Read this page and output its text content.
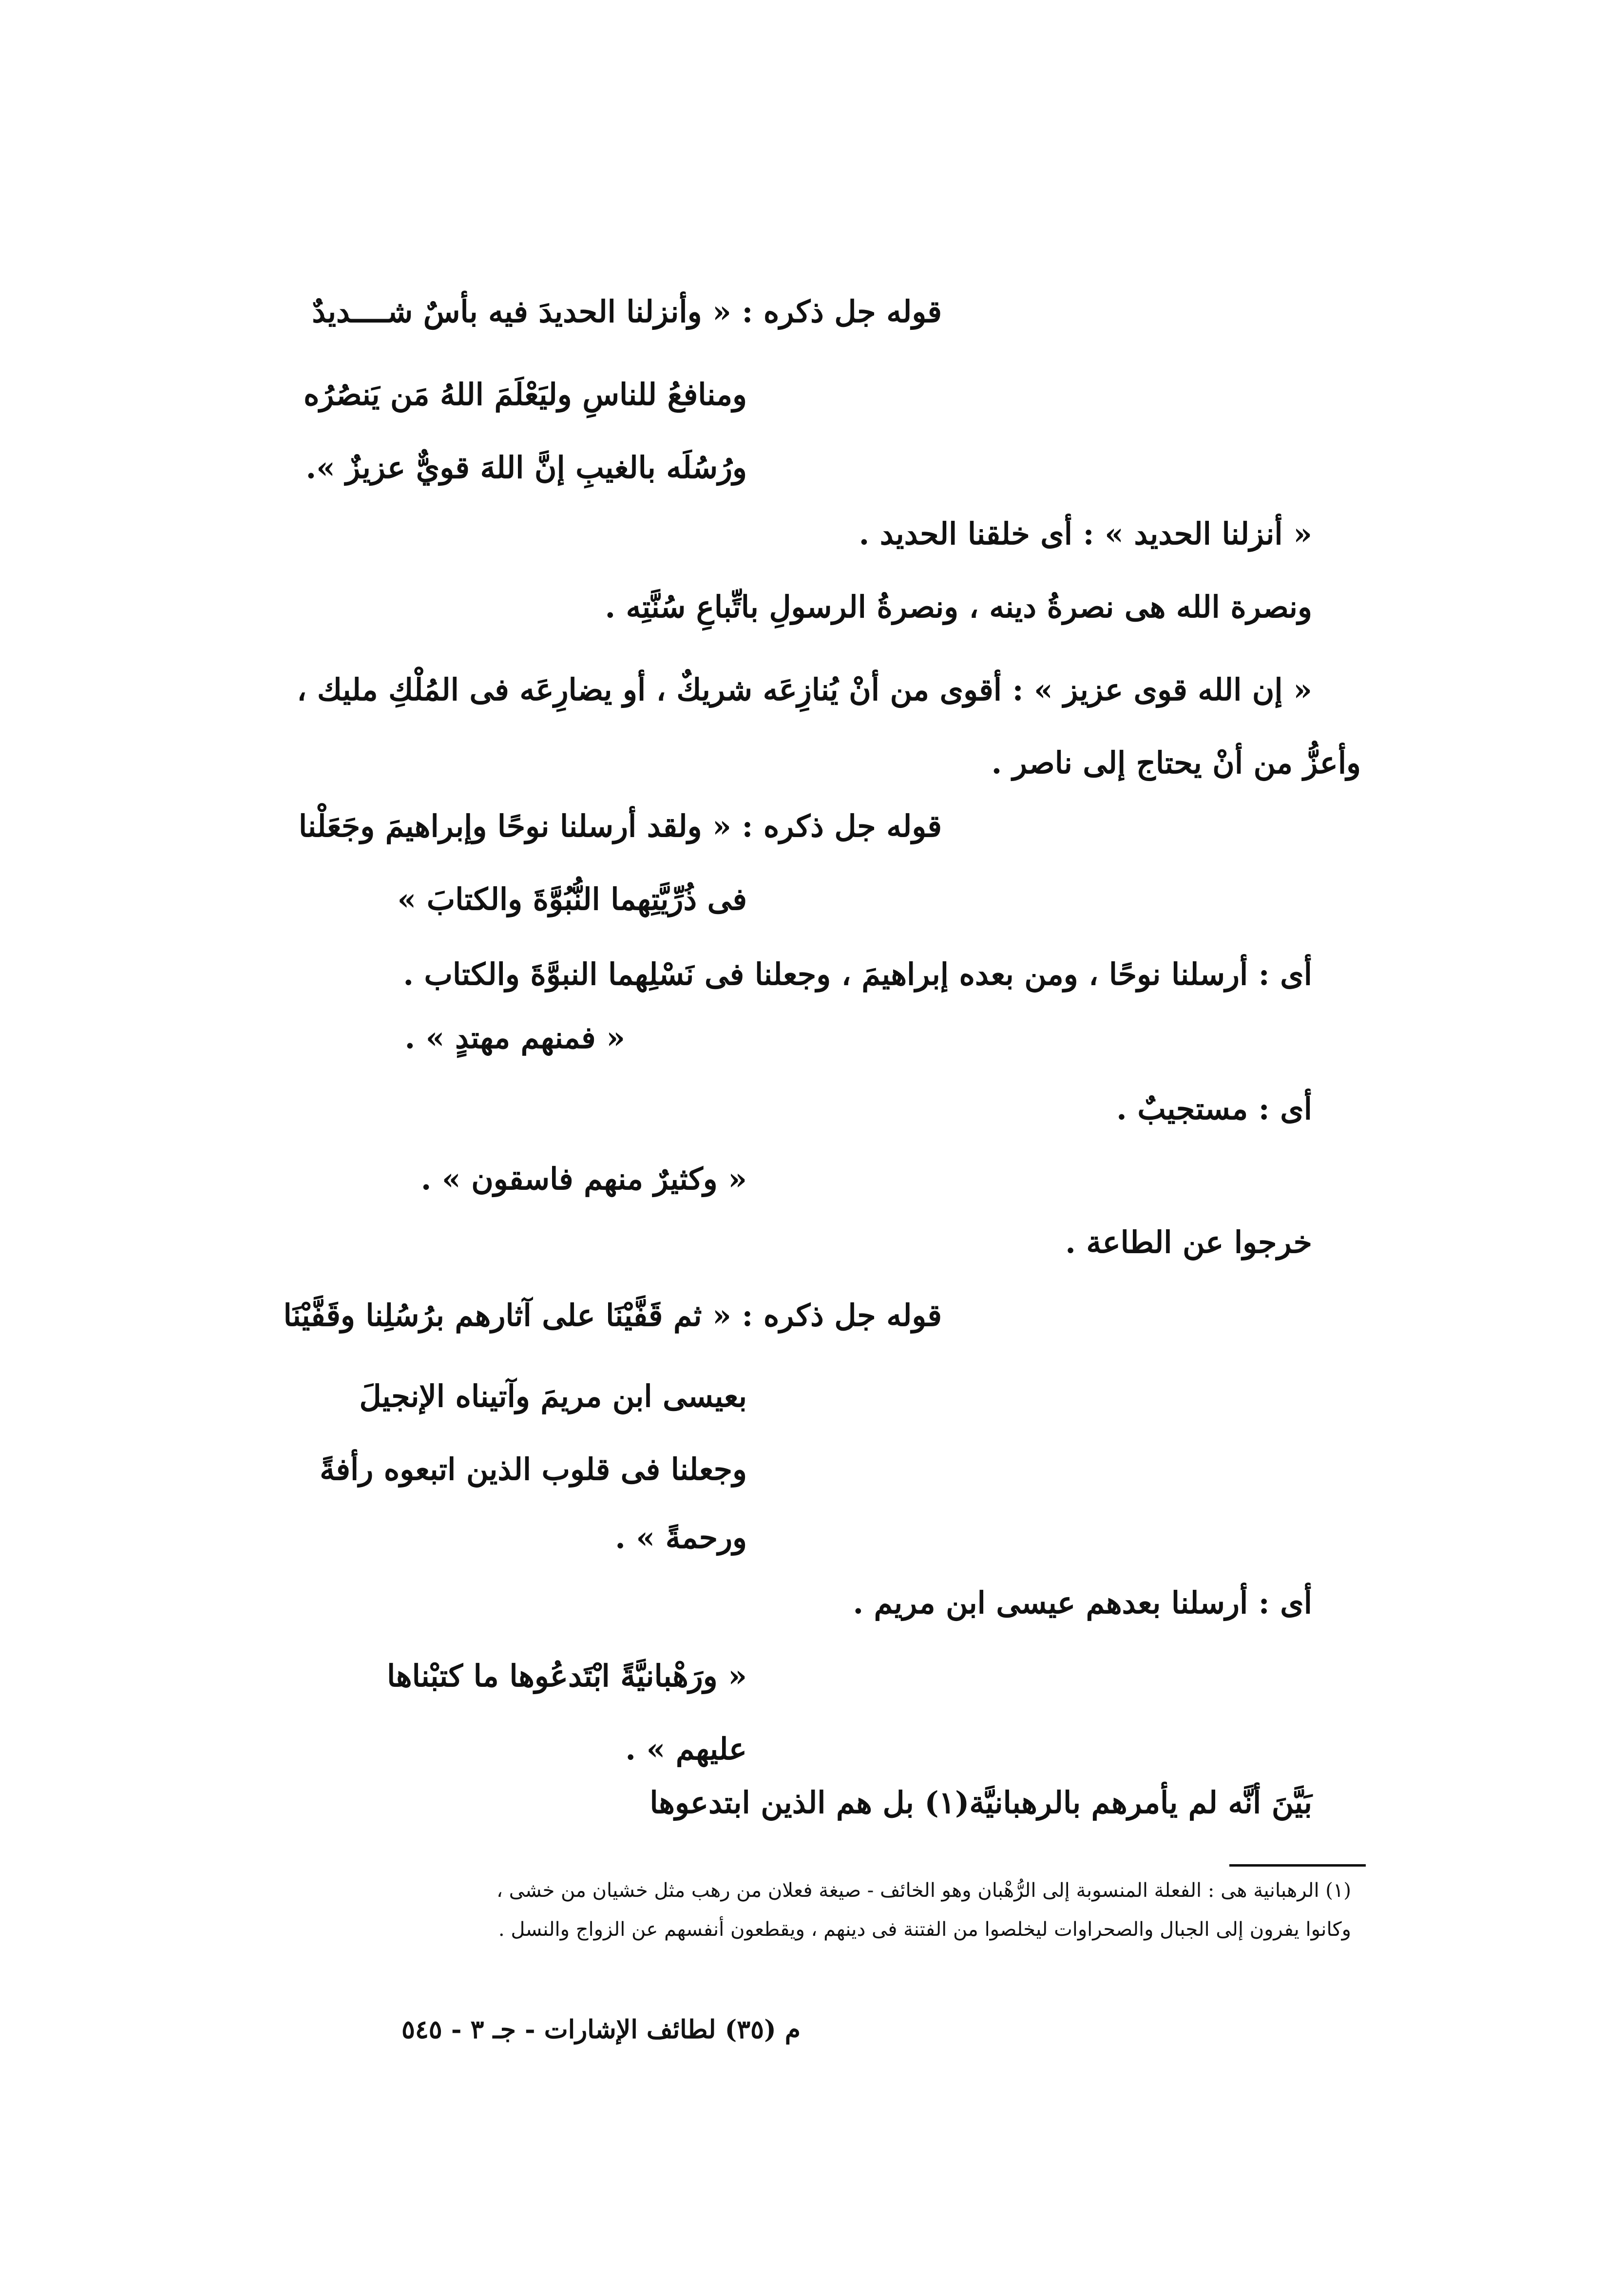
قوله جل ذكره : « وأنزلنا الحديدَ فيه بأسٌ شــــديدٌ

ومنافعُ للناسِ وليَعْلَمَ اللهُ مَن يَنصُرُه

ورُسُلَه بالغيبِ إنَّ اللهَ قويٌّ عزيزٌ ».

« أنزلنا الحديد » : أى خلقنا الحديد .

ونصرة الله هى نصرةُ دينه ، ونصرةُ الرسولِ باتِّباعِ سُنَّتِه .

« إن الله قوى عزيز » : أقوى من أنْ يُنازِعَه شريكٌ ، أو يضارِعَه فى المُلْكِ مليك ،

وأعزُّ من أنْ يحتاج إلى ناصر .

قوله جل ذكره : « ولقد أرسلنا نوحًا وإبراهيمَ وجَعَلْنا

فى ذُرِّيَّتِهما النُّبُوَّةَ والكتابَ »

أى : أرسلنا نوحًا ، ومن بعده إبراهيمَ ، وجعلنا فى نَسْلِهما النبوَّةَ والكتاب .

« فمنهم مهتدٍ » .

أى : مستجيبٌ .

« وكثيرٌ منهم فاسقون » .

خرجوا عن الطاعة .

قوله جل ذكره : « ثم قَفَّيْنَا على آثارهم برُسُلِنا وقَفَّيْنَا

بعيسى ابن مريمَ وآتيناه الإنجيلَ

وجعلنا فى قلوب الذين اتبعوه رأفةً

ورحمةً » .

أى : أرسلنا بعدهم عيسى ابن مريم .

« ورَهْبانيَّةً ابْتَدعُوها ما كتبْناها

عليهم » .

بَيَّنَ أنَّه لم يأمرهم بالرهبانيَّة(١) بل هم الذين ابتدعوها

(١) الرهبانية هى : الفعلة المنسوبة إلى الرُّهْبان وهو الخائف - صيغة فعلان من رهب مثل خشيان من خشى ،

وكانوا يفرون إلى الجبال والصحراوات ليخلصوا من الفتنة فى دينهم ، ويقطعون أنفسهم عن الزواج والنسل .

م (٣٥) لطائف الإشارات - جـ ٣ - ٥٤٥
